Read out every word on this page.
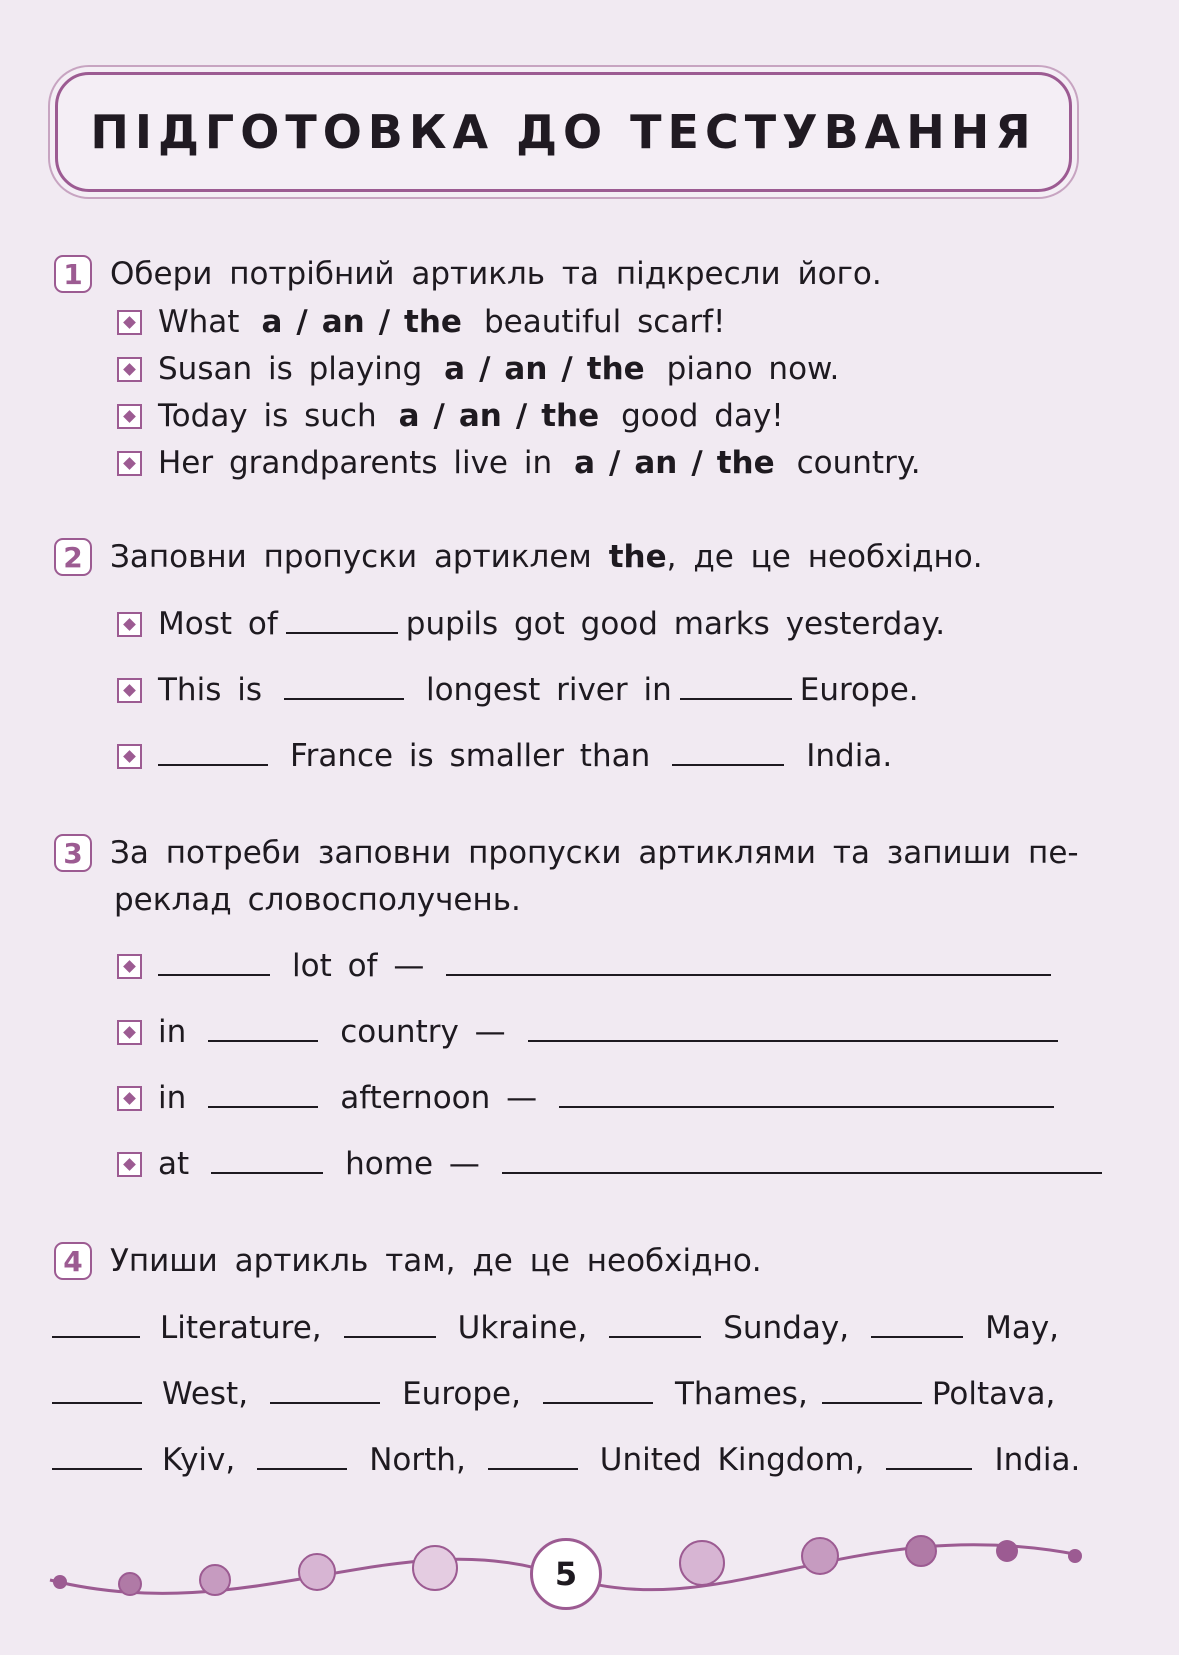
ПІДГОТОВКА ДО ТЕСТУВАННЯ
1 Обери потрібний артикль та підкресли його.
What a / an / the beautiful scarf!
Susan is playing a / an / the piano now.
Today is such a / an / the good day!
Her grandparents live in a / an / the country.
2 Заповни пропуски артиклем
the , де це необхідно.
Most of	pupils got good marks yesterday.
This is	longest river in	Europe.
France is smaller than	India.
3 За потреби заповни пропуски артиклями та запиши пе-
реклад словосполучень.
lot of —
in	country —
in	afternoon —
at	home —
4 Упиши артикль там, де це необхідно.
Literature,	Ukraine,	Sunday,	May,
West,	Europe,	Thames,	Poltava,
Kyiv,	North,	United Kingdom,	India.
5
